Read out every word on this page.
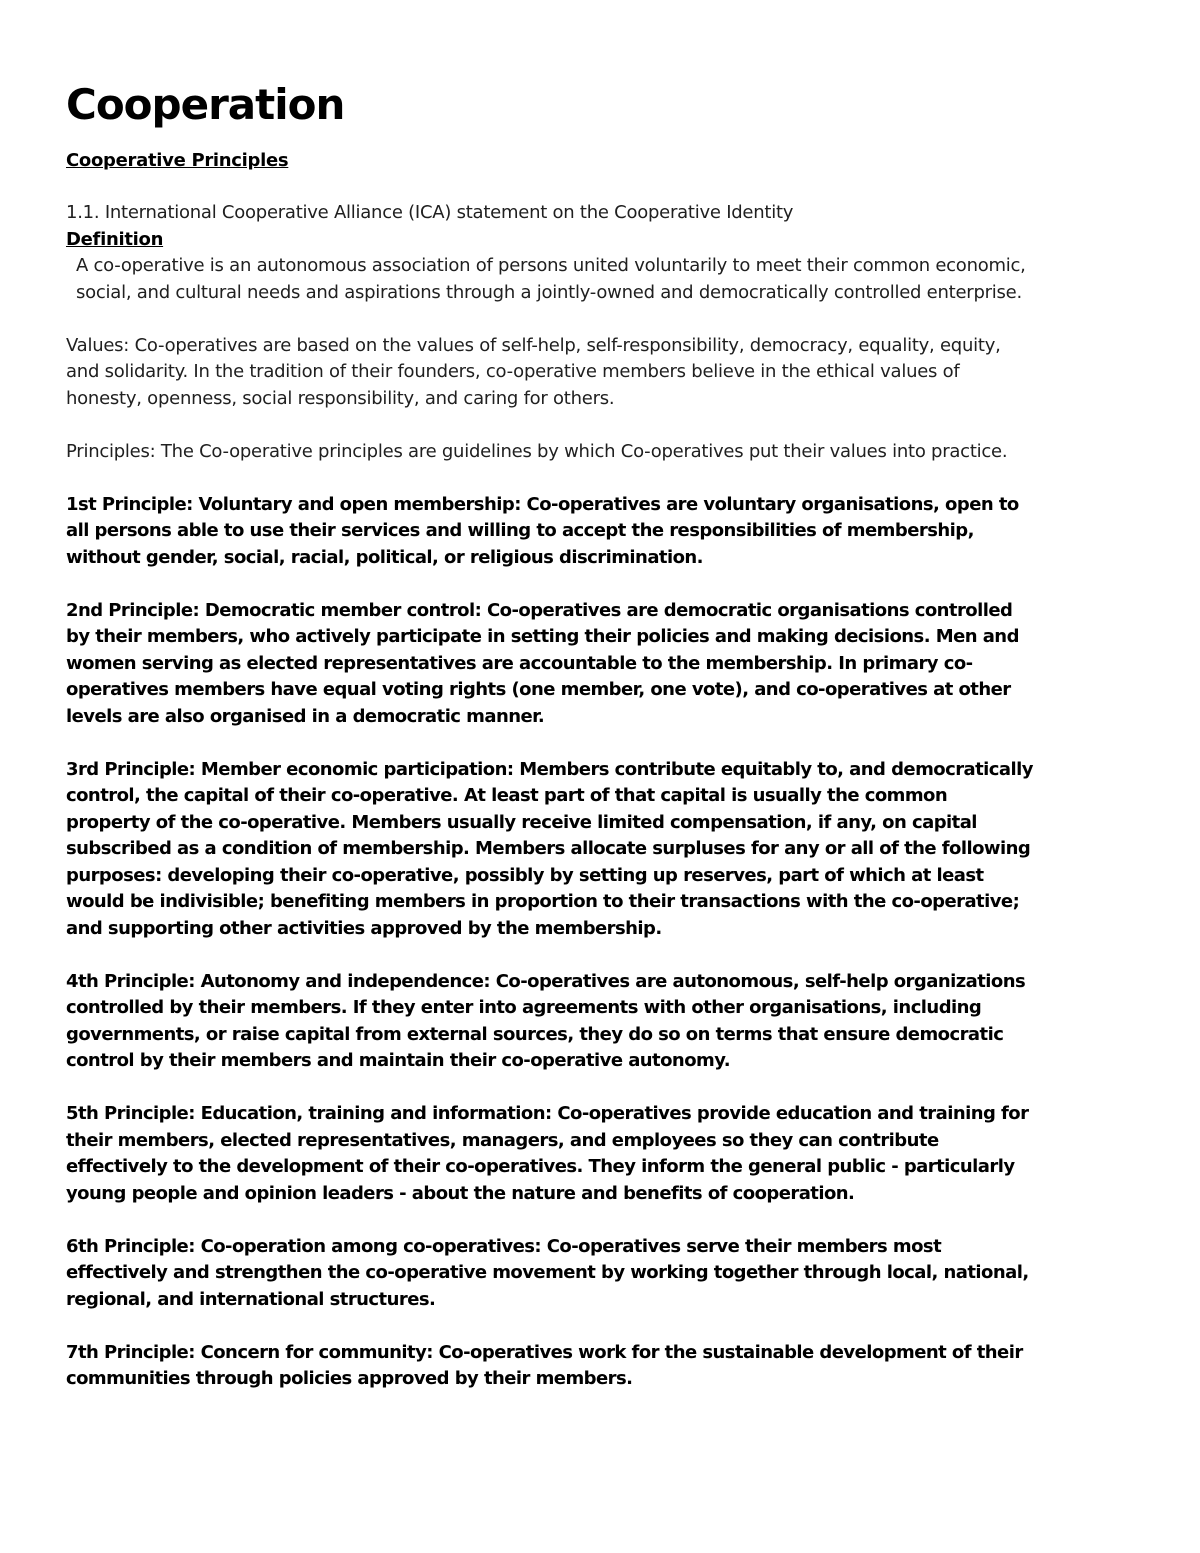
Cooperation
Cooperative Principles

1.1. International Cooperative Alliance (ICA) statement on the Cooperative Identity

Definition

A co-operative is an autonomous association of persons united voluntarily to meet their common economic, social, and cultural needs and aspirations through a jointly-owned and democratically controlled enterprise.

Values: Co-operatives are based on the values of self-help, self-responsibility, democracy, equality, equity, and solidarity. In the tradition of their founders, co-operative members believe in the ethical values of honesty, openness, social responsibility, and caring for others.

Principles: The Co-operative principles are guidelines by which Co-operatives put their values into practice.

1st Principle: Voluntary and open membership: Co-operatives are voluntary organisations, open to all persons able to use their services and willing to accept the responsibilities of membership, without gender, social, racial, political, or religious discrimination.

2nd Principle: Democratic member control: Co-operatives are democratic organisations controlled by their members, who actively participate in setting their policies and making decisions. Men and women serving as elected representatives are accountable to the membership. In primary co-operatives members have equal voting rights (one member, one vote), and co-operatives at other levels are also organised in a democratic manner.

3rd Principle: Member economic participation: Members contribute equitably to, and democratically control, the capital of their co-operative. At least part of that capital is usually the common property of the co-operative. Members usually receive limited compensation, if any, on capital subscribed as a condition of membership. Members allocate surpluses for any or all of the following purposes: developing their co-operative, possibly by setting up reserves, part of which at least would be indivisible; benefiting members in proportion to their transactions with the co-operative; and supporting other activities approved by the membership.

4th Principle: Autonomy and independence: Co-operatives are autonomous, self-help organizations controlled by their members. If they enter into agreements with other organisations, including governments, or raise capital from external sources, they do so on terms that ensure democratic control by their members and maintain their co-operative autonomy.

5th Principle: Education, training and information: Co-operatives provide education and training for their members, elected representatives, managers, and employees so they can contribute effectively to the development of their co-operatives. They inform the general public - particularly young people and opinion leaders - about the nature and benefits of cooperation.

6th Principle: Co-operation among co-operatives: Co-operatives serve their members most effectively and strengthen the co-operative movement by working together through local, national, regional, and international structures.

7th Principle: Concern for community: Co-operatives work for the sustainable development of their communities through policies approved by their members.
